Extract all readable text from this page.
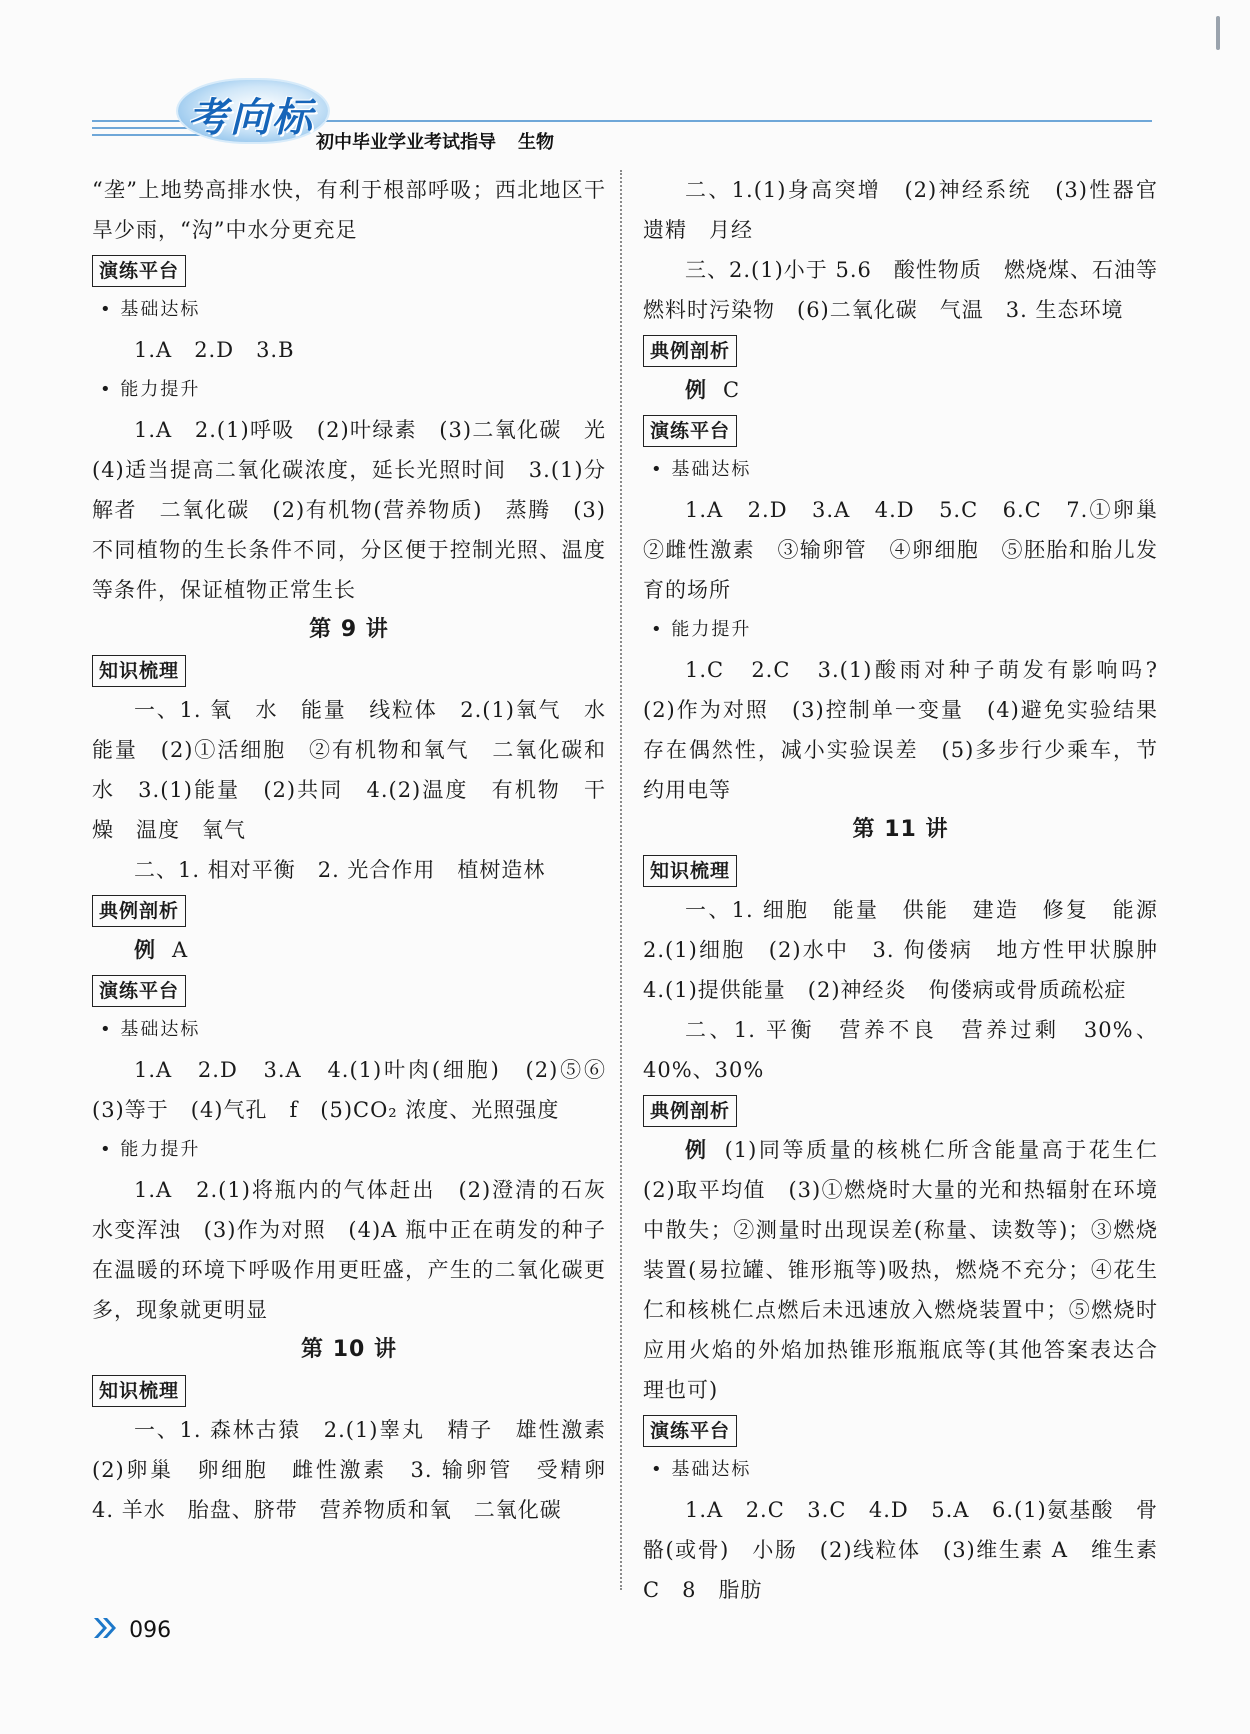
考向标
初中毕业学业考试指导 生物

“垄”上地势高排水快，有利于根部呼吸；西北地区干旱少雨，“沟”中水分更充足

演练平台
• 基础达标

1.A　2.D　3.B

• 能力提升

1.A　2.(1)呼吸　(2)叶绿素　(3)二氧化碳　光　(4)适当提高二氧化碳浓度，延长光照时间　3.(1)分解者　二氧化碳　(2)有机物(营养物质)　蒸腾　(3)不同植物的生长条件不同，分区便于控制光照、温度等条件，保证植物正常生长

第 9 讲
知识梳理

一、1. 氧　水　能量　线粒体　2.(1)氧气　水　能量　(2)①活细胞　②有机物和氧气　二氧化碳和水　3.(1)能量　(2)共同　4.(2)温度　有机物　干燥　温度　氧气

二、1. 相对平衡　2. 光合作用　植树造林

典例剖析

例 A

演练平台
• 基础达标

1.A　2.D　3.A　4.(1)叶肉(细胞)　(2)⑤⑥　(3)等于　(4)气孔　f　(5)CO₂ 浓度、光照强度

• 能力提升

1.A　2.(1)将瓶内的气体赶出　(2)澄清的石灰水变浑浊　(3)作为对照　(4)A 瓶中正在萌发的种子在温暖的环境下呼吸作用更旺盛，产生的二氧化碳更多，现象就更明显

第 10 讲
知识梳理

一、1. 森林古猿　2.(1)睾丸　精子　雄性激素　(2)卵巢　卵细胞　雌性激素　3. 输卵管　受精卵　4. 羊水　胎盘、脐带　营养物质和氧　二氧化碳

二、1.(1)身高突增　(2)神经系统　(3)性器官　遗精　月经

三、2.(1)小于 5.6　酸性物质　燃烧煤、石油等燃料时污染物　(6)二氧化碳　气温　3. 生态环境

典例剖析

例 C

演练平台
• 基础达标

1.A　2.D　3.A　4.D　5.C　6.C　7.①卵巢　②雌性激素　③输卵管　④卵细胞　⑤胚胎和胎儿发育的场所

• 能力提升

1.C　2.C　3.(1)酸雨对种子萌发有影响吗?　(2)作为对照　(3)控制单一变量　(4)避免实验结果存在偶然性，减小实验误差　(5)多步行少乘车，节约用电等

第 11 讲
知识梳理

一、1. 细胞　能量　供能　建造　修复　能源　2.(1)细胞　(2)水中　3. 佝偻病　地方性甲状腺肿　4.(1)提供能量　(2)神经炎　佝偻病或骨质疏松症

二、1. 平衡　营养不良　营养过剩　30%、40%、30%

典例剖析

例 (1)同等质量的核桃仁所含能量高于花生仁　(2)取平均值　(3)①燃烧时大量的光和热辐射在环境中散失；②测量时出现误差(称量、读数等)；③燃烧装置(易拉罐、锥形瓶等)吸热，燃烧不充分；④花生仁和核桃仁点燃后未迅速放入燃烧装置中；⑤燃烧时应用火焰的外焰加热锥形瓶瓶底等(其他答案表达合理也可)

演练平台
• 基础达标

1.A　2.C　3.C　4.D　5.A　6.(1)氨基酸　骨骼(或骨)　小肠　(2)线粒体　(3)维生素 A　维生素 C　8　脂肪

096
